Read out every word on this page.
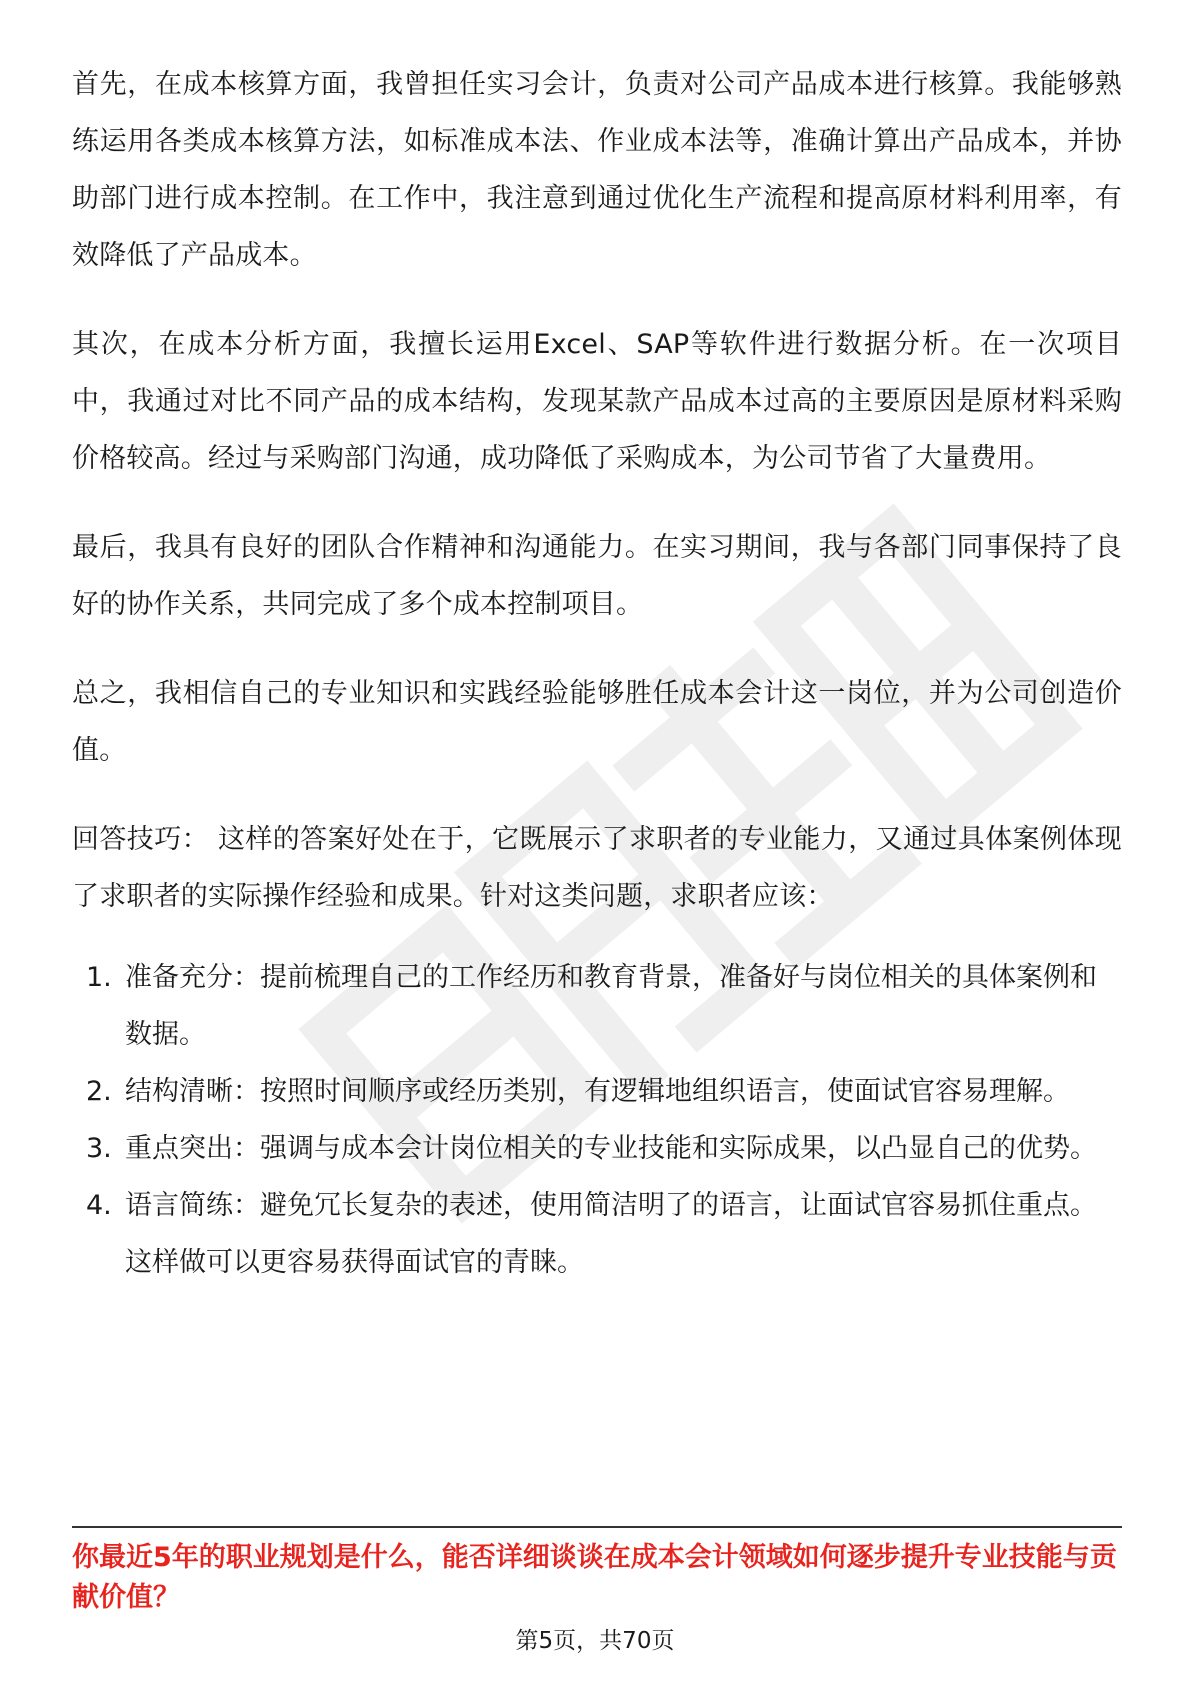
首先，在成本核算方面，我曾担任实习会计，负责对公司产品成本进行核算。我能够熟练运用各类成本核算方法，如标准成本法、作业成本法等，准确计算出产品成本，并协助部门进行成本控制。在工作中，我注意到通过优化生产流程和提高原材料利用率，有效降低了产品成本。

其次，在成本分析方面，我擅长运用Excel、SAP等软件进行数据分析。在一次项目中，我通过对比不同产品的成本结构，发现某款产品成本过高的主要原因是原材料采购价格较高。经过与采购部门沟通，成功降低了采购成本，为公司节省了大量费用。

最后，我具有良好的团队合作精神和沟通能力。在实习期间，我与各部门同事保持了良好的协作关系，共同完成了多个成本控制项目。

总之，我相信自己的专业知识和实践经验能够胜任成本会计这一岗位，并为公司创造价值。

回答技巧： 这样的答案好处在于，它既展示了求职者的专业能力，又通过具体案例体现了求职者的实际操作经验和成果。针对这类问题，求职者应该：

1. 准备充分：提前梳理自己的工作经历和教育背景，准备好与岗位相关的具体案例和数据。
2. 结构清晰：按照时间顺序或经历类别，有逻辑地组织语言，使面试官容易理解。
3. 重点突出：强调与成本会计岗位相关的专业技能和实际成果，以凸显自己的优势。
4. 语言简练：避免冗长复杂的表述，使用简洁明了的语言，让面试官容易抓住重点。这样做可以更容易获得面试官的青睐。
你最近5年的职业规划是什么，能否详细谈谈在成本会计领域如何逐步提升专业技能与贡献价值？
第5页，共70页
